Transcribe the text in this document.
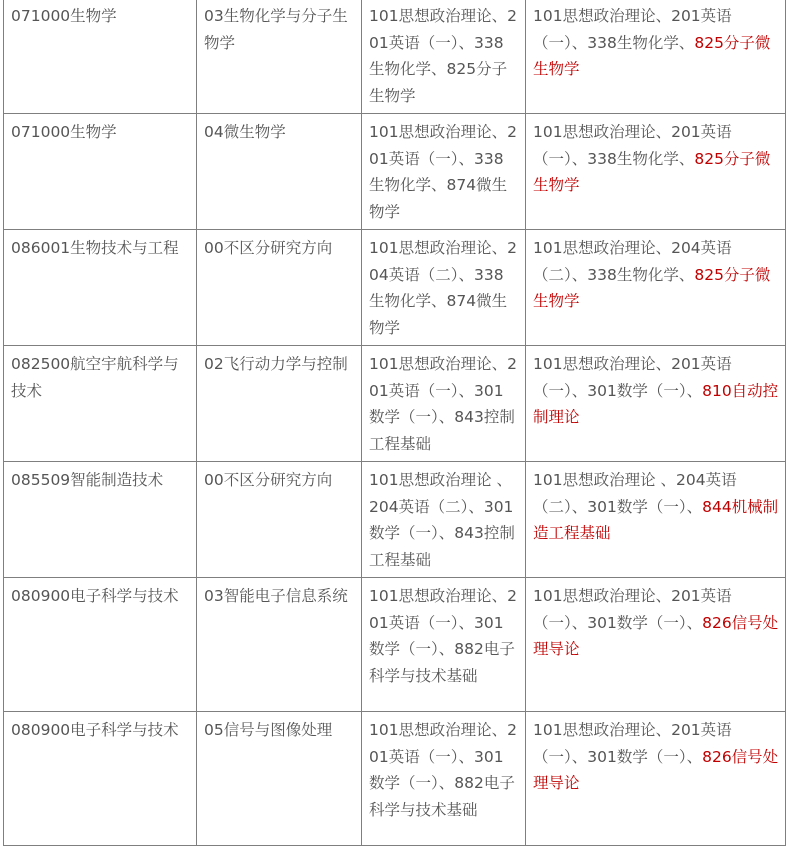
071000生物学	03生物化学与分子生物学	101思想政治理论、201英语（一）、338生物化学、825分子生物学	101思想政治理论、201英语（一）、338生物化学、825分子微生物学
071000生物学	04微生物学	101思想政治理论、201英语（一）、338生物化学、874微生物学	101思想政治理论、201英语（一）、338生物化学、825分子微生物学
086001生物技术与工程	00不区分研究方向	101思想政治理论、204英语（二）、338生物化学、874微生物学	101思想政治理论、204英语（二）、338生物化学、825分子微生物学
082500航空宇航科学与技术	02飞行动力学与控制	101思想政治理论、201英语（一）、301数学（一）、843控制工程基础	101思想政治理论、201英语（一）、301数学（一）、810自动控制理论
085509智能制造技术	00不区分研究方向	101思想政治理论 、204英语（二）、301数学（一）、843控制工程基础	101思想政治理论 、204英语（二）、301数学（一）、844机械制造工程基础
080900电子科学与技术	03智能电子信息系统	101思想政治理论、201英语（一）、301数学（一）、882电子科学与技术基础	101思想政治理论、201英语（一）、301数学（一）、826信号处理导论
080900电子科学与技术	05信号与图像处理	101思想政治理论、201英语（一）、301数学（一）、882电子科学与技术基础	101思想政治理论、201英语（一）、301数学（一）、826信号处理导论
